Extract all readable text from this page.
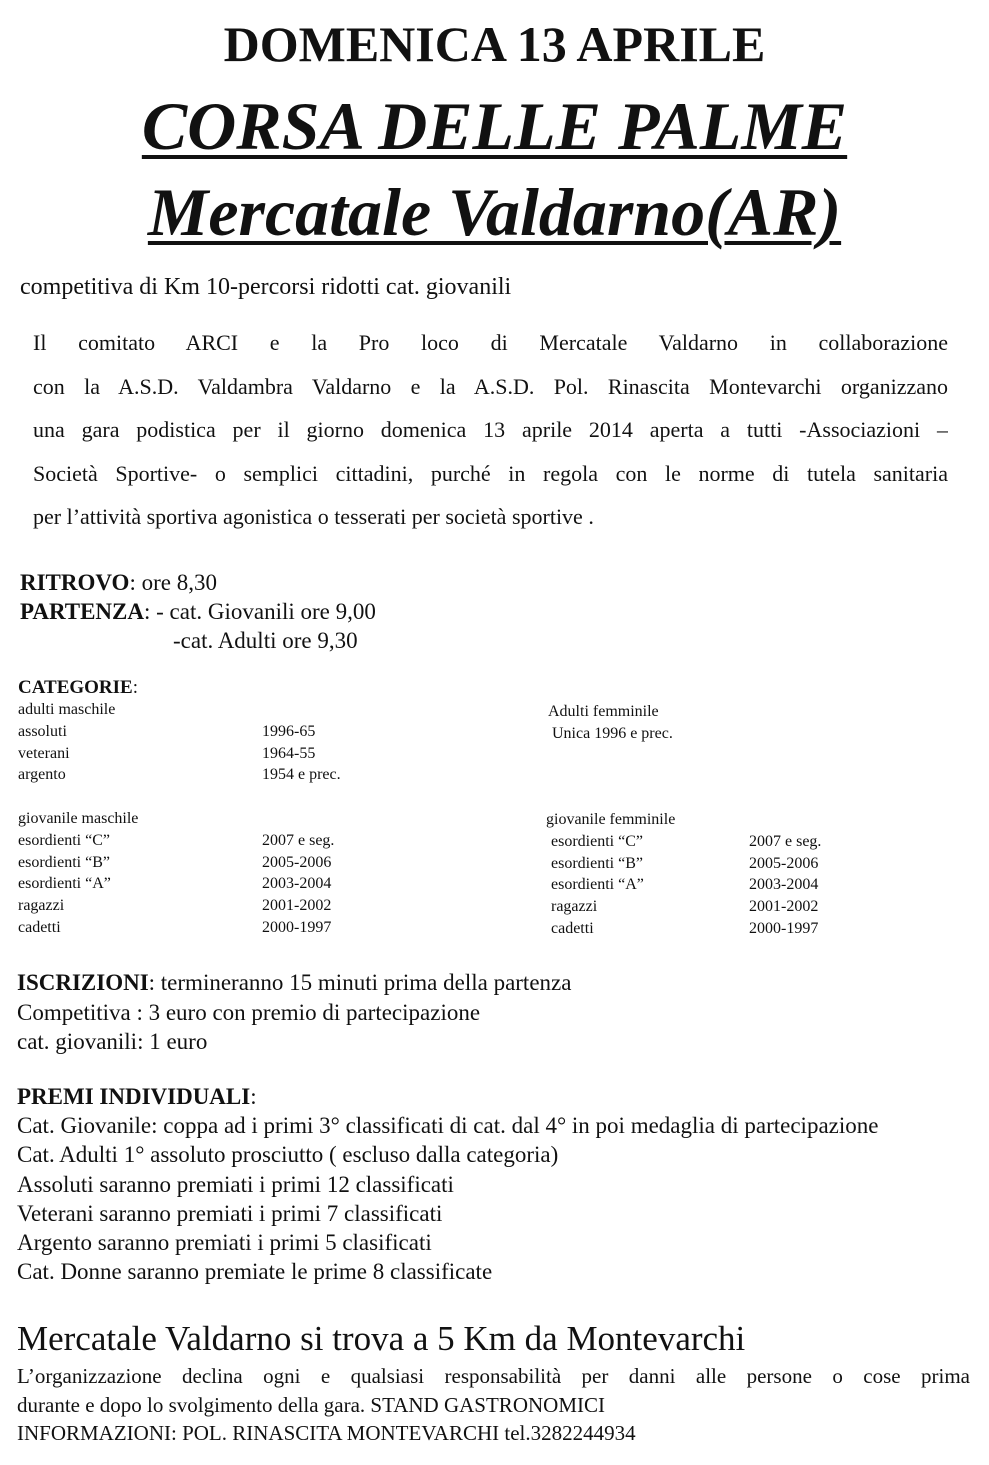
DOMENICA 13 APRILE
CORSA DELLE PALME
Mercatale Valdarno(AR)
competitiva di Km 10-percorsi ridotti cat. giovanili
Il comitato ARCI e la Pro loco di Mercatale Valdarno in collaborazione
con la A.S.D. Valdambra Valdarno e la A.S.D. Pol. Rinascita Montevarchi organizzano
una gara podistica per il giorno domenica 13 aprile 2014 aperta a tutti -Associazioni –
Società Sportive- o semplici cittadini, purché in regola con le norme di tutela sanitaria
per l’attività sportiva agonistica o tesserati per società sportive .
RITROVO: ore 8,30
PARTENZA: - cat. Giovanili ore 9,00
-cat. Adulti ore 9,30
CATEGORIE:
adulti maschile
assoluti	1996-65
veterani	1964-55
argento	1954 e prec.
Adulti femminile
Unica 1996 e prec.
giovanile maschile
esordienti “C”	2007 e seg.
esordienti “B”	2005-2006
esordienti “A”	2003-2004
ragazzi	2001-2002
cadetti	2000-1997
giovanile femminile
esordienti “C”	2007 e seg.
esordienti “B”	2005-2006
esordienti “A”	2003-2004
ragazzi	2001-2002
cadetti	2000-1997
ISCRIZIONI: termineranno 15 minuti prima della partenza
Competitiva : 3 euro con premio di partecipazione
cat. giovanili: 1 euro
PREMI INDIVIDUALI:
Cat. Giovanile: coppa ad i primi 3° classificati di cat. dal 4° in poi medaglia di partecipazione
Cat. Adulti 1° assoluto prosciutto ( escluso dalla categoria)
Assoluti saranno premiati i primi 12 classificati
Veterani saranno premiati i primi 7 classificati
Argento saranno premiati i primi 5 clasificati
Cat. Donne saranno premiate le prime 8 classificate
Mercatale Valdarno si trova a 5 Km da Montevarchi
L’organizzazione declina ogni e qualsiasi responsabilità per danni alle persone o cose prima
durante e dopo lo svolgimento della gara. STAND GASTRONOMICI
INFORMAZIONI: POL. RINASCITA MONTEVARCHI tel.3282244934
